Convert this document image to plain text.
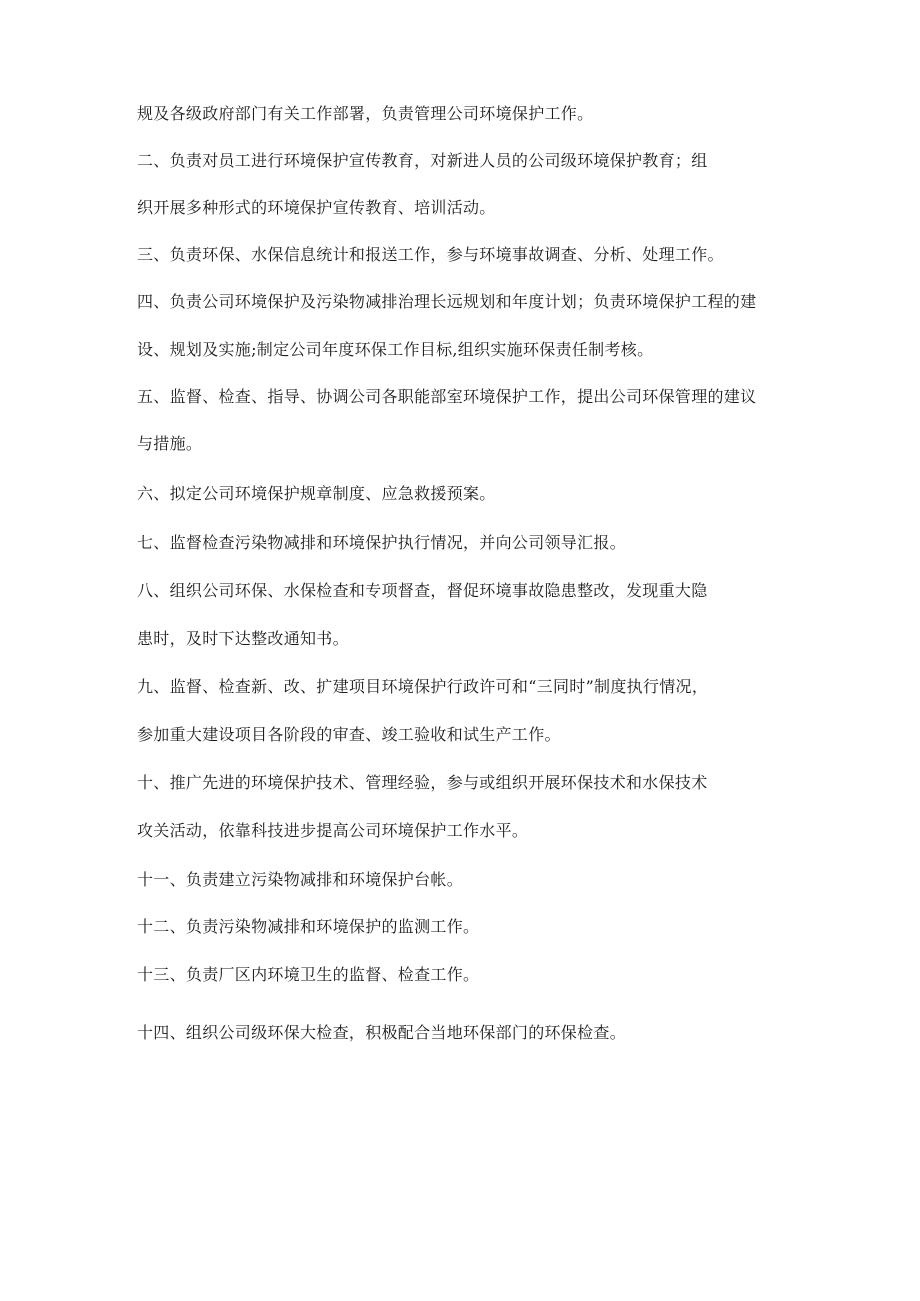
规及各级政府部门有关工作部署，负责管理公司环境保护工作。

二、负责对员工进行环境保护宣传教育，对新进人员的公司级环境保护教育；组

织开展多种形式的环境保护宣传教育、培训活动。

三、负责环保、水保信息统计和报送工作，参与环境事故调查、分析、处理工作。

四、负责公司环境保护及污染物减排治理长远规划和年度计划；负责环境保护工程的建

设、规划及实施;制定公司年度环保工作目标,组织实施环保责任制考核。

五、监督、检查、指导、协调公司各职能部室环境保护工作，提出公司环保管理的建议

与措施。

六、拟定公司环境保护规章制度、应急救援预案。

七、监督检查污染物减排和环境保护执行情况，并向公司领导汇报。

八、组织公司环保、水保检查和专项督查，督促环境事故隐患整改，发现重大隐

患时，及时下达整改通知书。

九、监督、检查新、改、扩建项目环境保护行政许可和“三同时”制度执行情况，

参加重大建设项目各阶段的审查、竣工验收和试生产工作。

十、推广先进的环境保护技术、管理经验，参与或组织开展环保技术和水保技术

攻关活动，依靠科技进步提高公司环境保护工作水平。

十一、负责建立污染物减排和环境保护台帐。

十二、负责污染物减排和环境保护的监测工作。

十三、负责厂区内环境卫生的监督、检查工作。

十四、组织公司级环保大检查，积极配合当地环保部门的环保检查。
